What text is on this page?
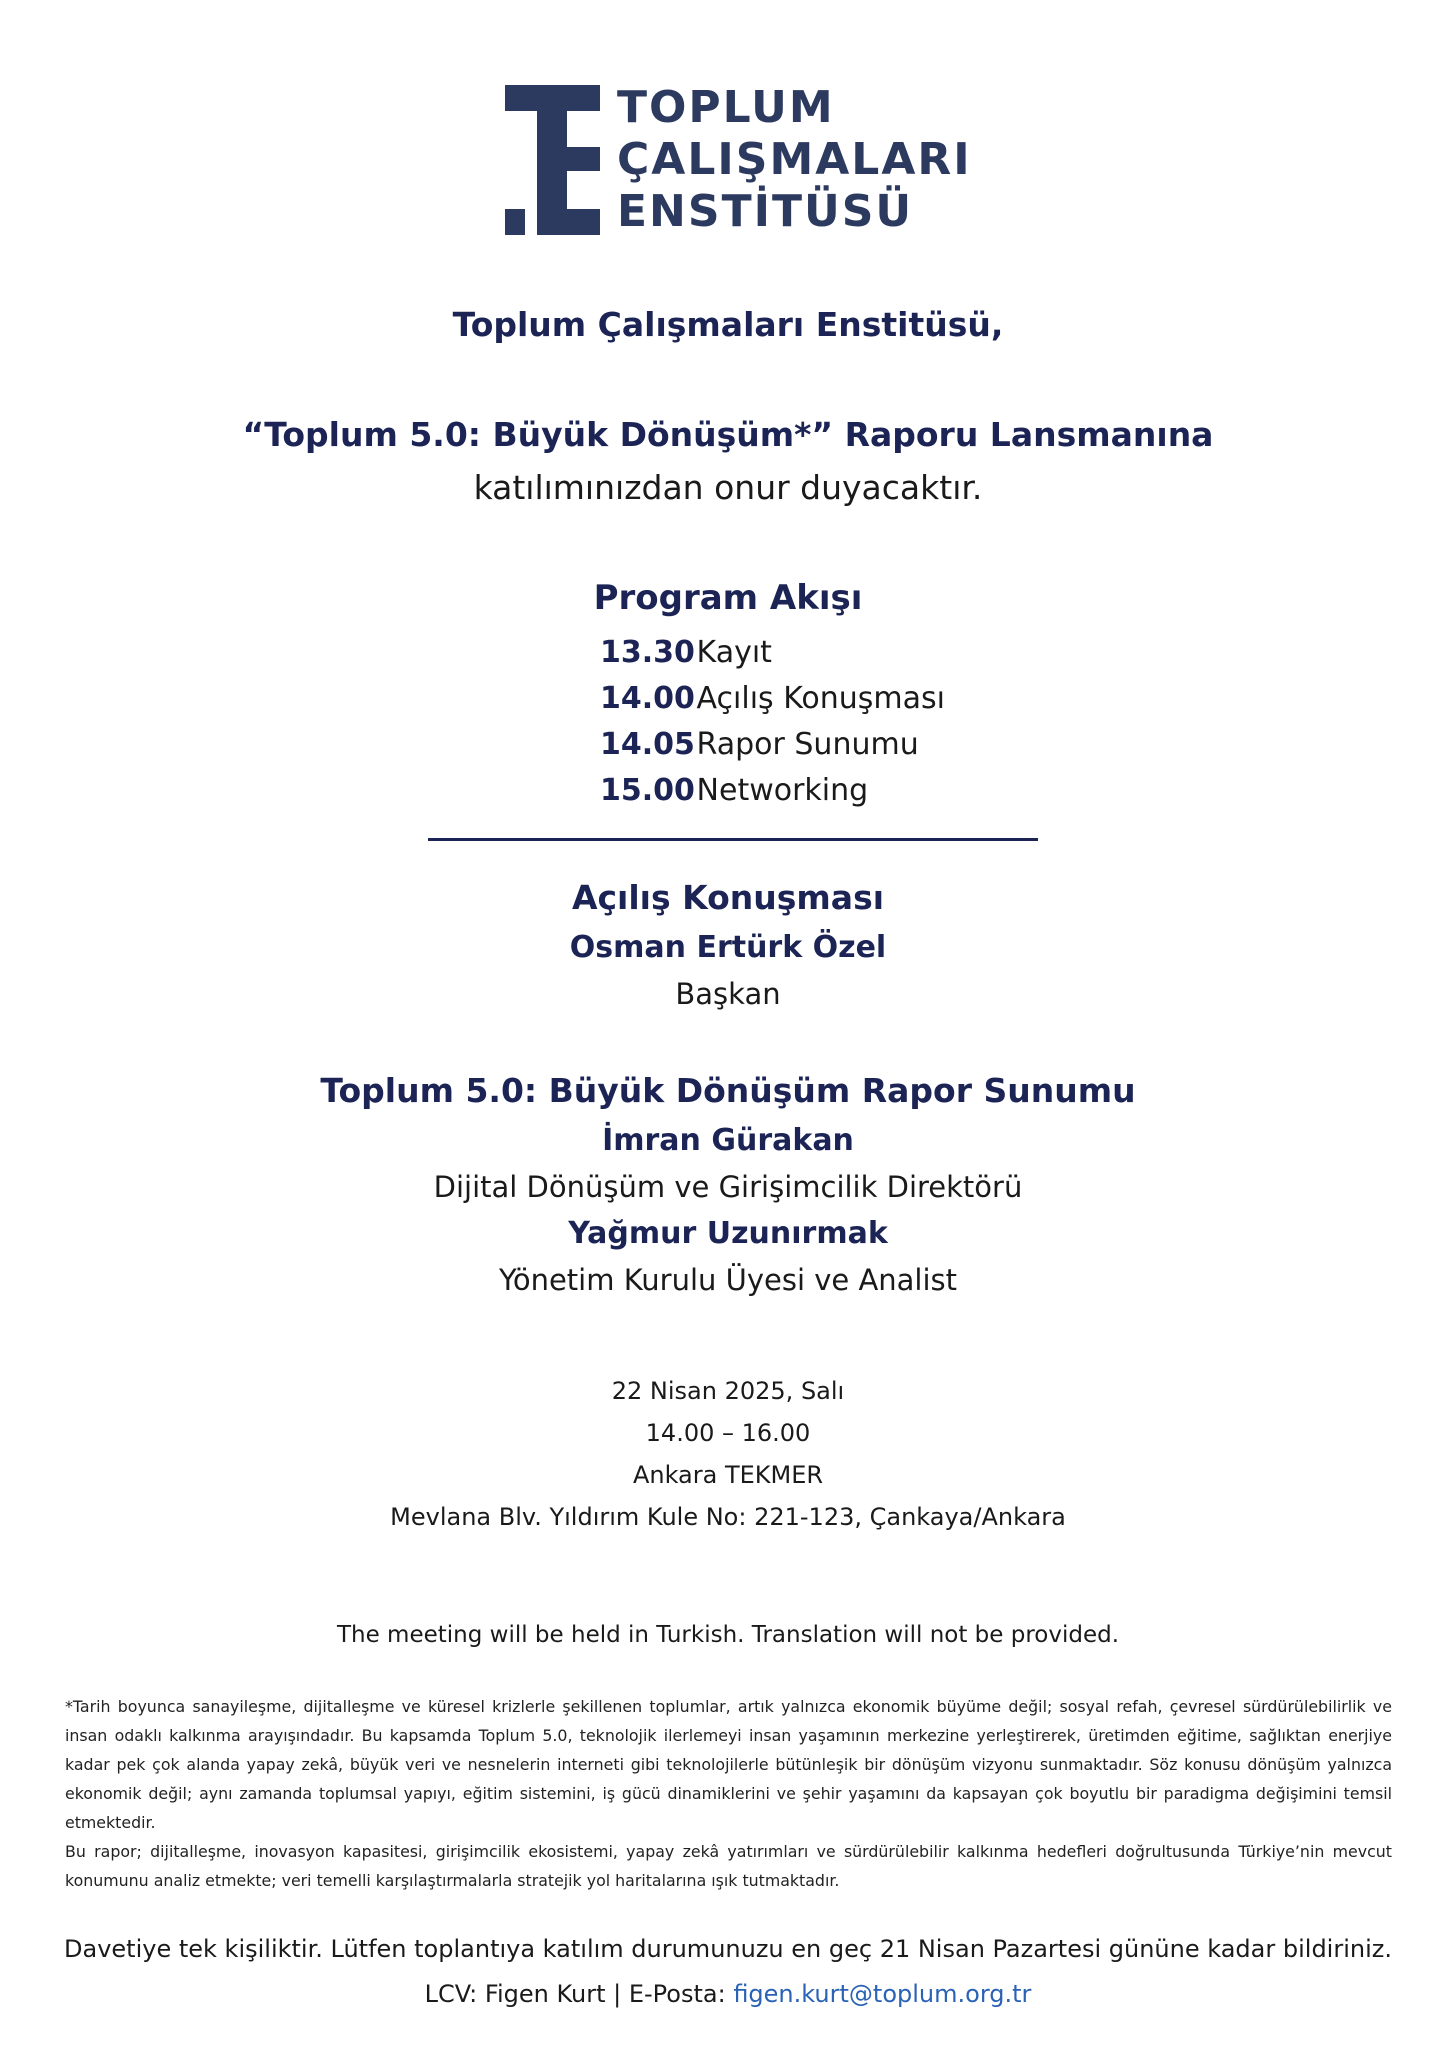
TOPLUM
ÇALIŞMALARI
ENSTİTÜSÜ
Toplum Çalışmaları Enstitüsü,
“Toplum 5.0: Büyük Dönüşüm*” Raporu Lansmanına
katılımınızdan onur duyacaktır.
Program Akışı
13.30 Kayıt
14.00 Açılış Konuşması
14.05 Rapor Sunumu
15.00 Networking
Açılış Konuşması
Osman Ertürk Özel
Başkan
Toplum 5.0: Büyük Dönüşüm Rapor Sunumu
İmran Gürakan
Dijital Dönüşüm ve Girişimcilik Direktörü
Yağmur Uzunırmak
Yönetim Kurulu Üyesi ve Analist
22 Nisan 2025, Salı
14.00 – 16.00
Ankara TEKMER
Mevlana Blv. Yıldırım Kule No: 221-123, Çankaya/Ankara
The meeting will be held in Turkish. Translation will not be provided.

*Tarih boyunca sanayileşme, dijitalleşme ve küresel krizlerle şekillenen toplumlar, artık yalnızca ekonomik büyüme değil; sosyal refah, çevresel sürdürülebilirlik ve insan odaklı kalkınma arayışındadır. Bu kapsamda Toplum 5.0, teknolojik ilerlemeyi insan yaşamının merkezine yerleştirerek, üretimden eğitime, sağlıktan enerjiye kadar pek çok alanda yapay zekâ, büyük veri ve nesnelerin interneti gibi teknolojilerle bütünleşik bir dönüşüm vizyonu sunmaktadır. Söz konusu dönüşüm yalnızca ekonomik değil; aynı zamanda toplumsal yapıyı, eğitim sistemini, iş gücü dinamiklerini ve şehir yaşamını da kapsayan çok boyutlu bir paradigma değişimini temsil etmektedir.

Bu rapor; dijitalleşme, inovasyon kapasitesi, girişimcilik ekosistemi, yapay zekâ yatırımları ve sürdürülebilir kalkınma hedefleri doğrultusunda Türkiye’nin mevcut konumunu analiz etmekte; veri temelli karşılaştırmalarla stratejik yol haritalarına ışık tutmaktadır.

Davetiye tek kişiliktir. Lütfen toplantıya katılım durumunuzu en geç 21 Nisan Pazartesi gününe kadar bildiriniz.
LCV: Figen Kurt | E-Posta: figen.kurt@toplum.org.tr
